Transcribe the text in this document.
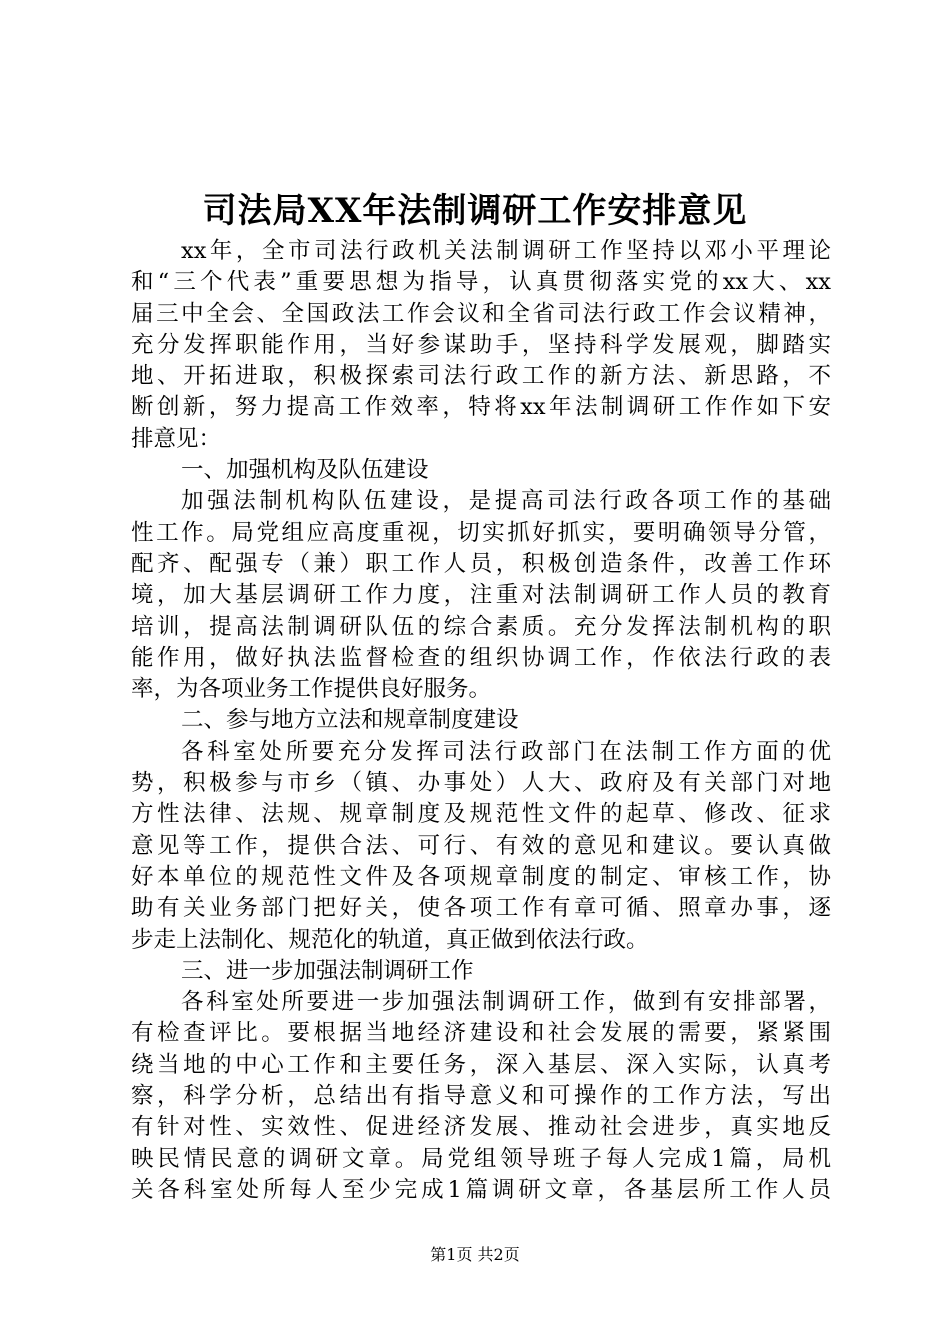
司法局XX年法制调研工作安排意见
xx年，全市司法行政机关法制调研工作坚持以邓小平理论
和“三个代表”重要思想为指导，认真贯彻落实党的xx大、xx
届三中全会、全国政法工作会议和全省司法行政工作会议精神，
充分发挥职能作用，当好参谋助手，坚持科学发展观，脚踏实
地、开拓进取，积极探索司法行政工作的新方法、新思路，不
断创新，努力提高工作效率，特将xx年法制调研工作作如下安
排意见：
一、加强机构及队伍建设
加强法制机构队伍建设，是提高司法行政各项工作的基础
性工作。局党组应高度重视，切实抓好抓实，要明确领导分管，
配齐、配强专（兼）职工作人员，积极创造条件，改善工作环
境，加大基层调研工作力度，注重对法制调研工作人员的教育
培训，提高法制调研队伍的综合素质。充分发挥法制机构的职
能作用，做好执法监督检查的组织协调工作，作依法行政的表
率，为各项业务工作提供良好服务。
二、参与地方立法和规章制度建设
各科室处所要充分发挥司法行政部门在法制工作方面的优
势，积极参与市乡（镇、办事处）人大、政府及有关部门对地
方性法律、法规、规章制度及规范性文件的起草、修改、征求
意见等工作，提供合法、可行、有效的意见和建议。要认真做
好本单位的规范性文件及各项规章制度的制定、审核工作，协
助有关业务部门把好关，使各项工作有章可循、照章办事，逐
步走上法制化、规范化的轨道，真正做到依法行政。
三、进一步加强法制调研工作
各科室处所要进一步加强法制调研工作，做到有安排部署，
有检查评比。要根据当地经济建设和社会发展的需要，紧紧围
绕当地的中心工作和主要任务，深入基层、深入实际，认真考
察，科学分析，总结出有指导意义和可操作的工作方法，写出
有针对性、实效性、促进经济发展、推动社会进步，真实地反
映民情民意的调研文章。局党组领导班子每人完成1篇，局机
关各科室处所每人至少完成1篇调研文章，各基层所工作人员
第1页 共2页
